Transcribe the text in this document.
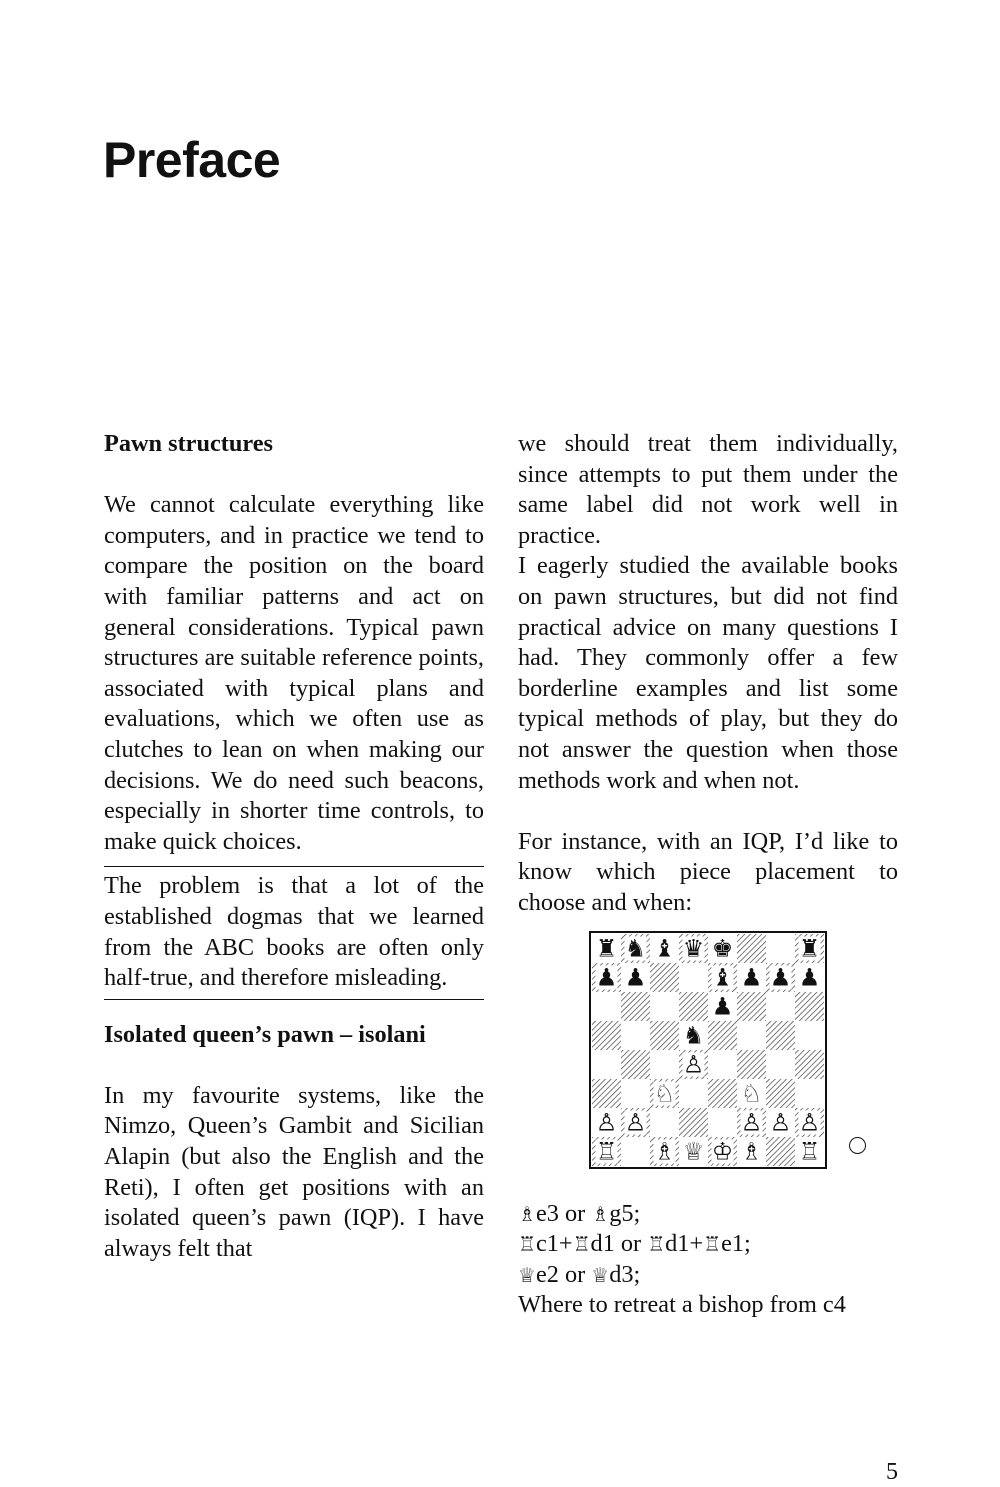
Preface
Pawn structures

We cannot calculate everything like computers, and in practice we tend to compare the position on the board with familiar patterns and act on general considerations. Typical pawn structures are suitable reference points, associated with typical plans and evaluations, which we often use as clutches to lean on when making our decisions. We do need such beacons, especially in shorter time controls, to make quick choices.

The problem is that a lot of the established dogmas that we learned from the ABC books are often only half-true, and therefore misleading.

Isolated queen’s pawn – isolani

In my favourite systems, like the Nimzo, Queen’s Gambit and Sicilian Alapin (but also the English and the Reti), I often get positions with an isolated queen’s pawn (IQP). I have always felt that

we should treat them individually, since attempts to put them under the same label did not work well in practice.

I eagerly studied the available books on pawn structures, but did not find practical advice on many questions I had. They commonly offer a few borderline examples and list some typical methods of play, but they do not answer the question when those methods work and when not.

For instance, with an IQP, I’d like to know which piece placement to choose and when:

♜ ♞ ♝ ♛ ♚	♜
♟ ♟	♝ ♟ ♟ ♟
♟
♞
♙
♘	♘
♙ ♙	♙ ♙ ♙
♖ ♗ ♕ ♔ ♗ ♖

♗e3 or ♗g5;

♖c1+♖d1 or ♖d1+♖e1;

♕e2 or ♕d3;

Where to retreat a bishop from c4

5
